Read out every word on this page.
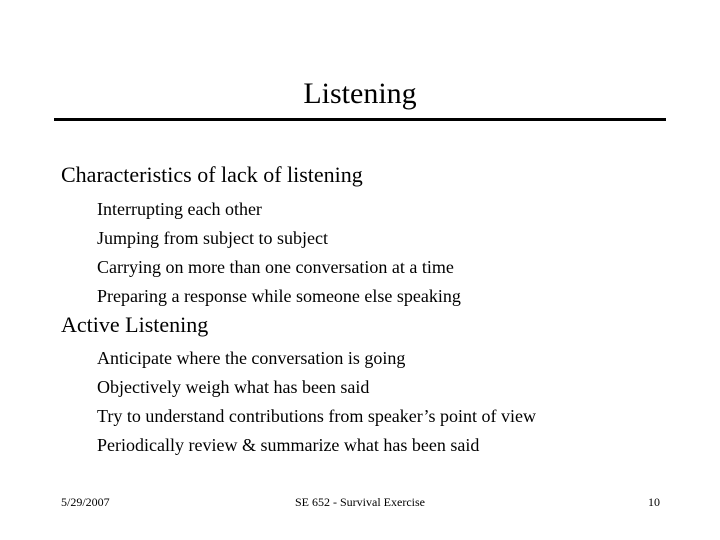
Listening
Characteristics of lack of listening
Interrupting each other
Jumping from subject to subject
Carrying on more than one conversation at a time
Preparing a response while someone else speaking
Active Listening
Anticipate where the conversation is going
Objectively weigh what has been said
Try to understand contributions from speaker’s point of view
Periodically review & summarize what has been said
5/29/2007	SE 652 - Survival Exercise	10
